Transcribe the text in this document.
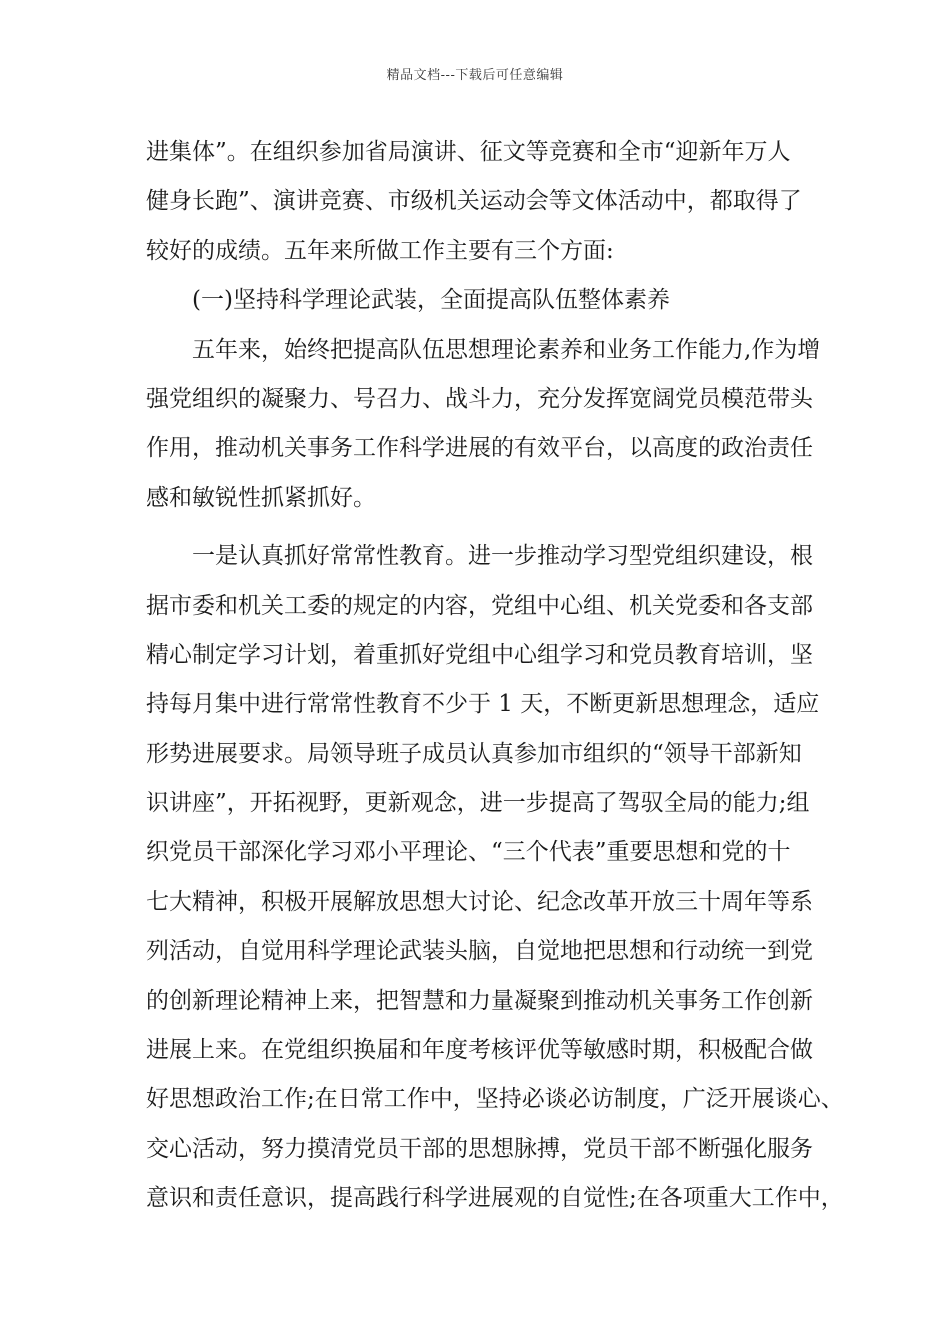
精品文档---下载后可任意编辑
进集体”。在组织参加省局演讲、征文等竞赛和全市“迎新年万人
健身长跑”、演讲竞赛、市级机关运动会等文体活动中，都取得了
较好的成绩。五年来所做工作主要有三个方面:
(一)坚持科学理论武装，全面提高队伍整体素养
五年来，始终把提高队伍思想理论素养和业务工作能力,作为增
强党组织的凝聚力、号召力、战斗力，充分发挥宽阔党员模范带头
作用，推动机关事务工作科学进展的有效平台，以高度的政治责任
感和敏锐性抓紧抓好。
一是认真抓好常常性教育。进一步推动学习型党组织建设，根
据市委和机关工委的规定的内容，党组中心组、机关党委和各支部
精心制定学习计划，着重抓好党组中心组学习和党员教育培训，坚
持每月集中进行常常性教育不少于 1 天，不断更新思想理念，适应
形势进展要求。局领导班子成员认真参加市组织的“领导干部新知
识讲座”，开拓视野，更新观念，进一步提高了驾驭全局的能力;组
织党员干部深化学习邓小平理论、“三个代表”重要思想和党的十
七大精神，积极开展解放思想大讨论、纪念改革开放三十周年等系
列活动，自觉用科学理论武装头脑，自觉地把思想和行动统一到党
的创新理论精神上来，把智慧和力量凝聚到推动机关事务工作创新
进展上来。在党组织换届和年度考核评优等敏感时期，积极配合做
好思想政治工作;在日常工作中，坚持必谈必访制度，广泛开展谈心、
交心活动，努力摸清党员干部的思想脉搏，党员干部不断强化服务
意识和责任意识，提高践行科学进展观的自觉性;在各项重大工作中，
